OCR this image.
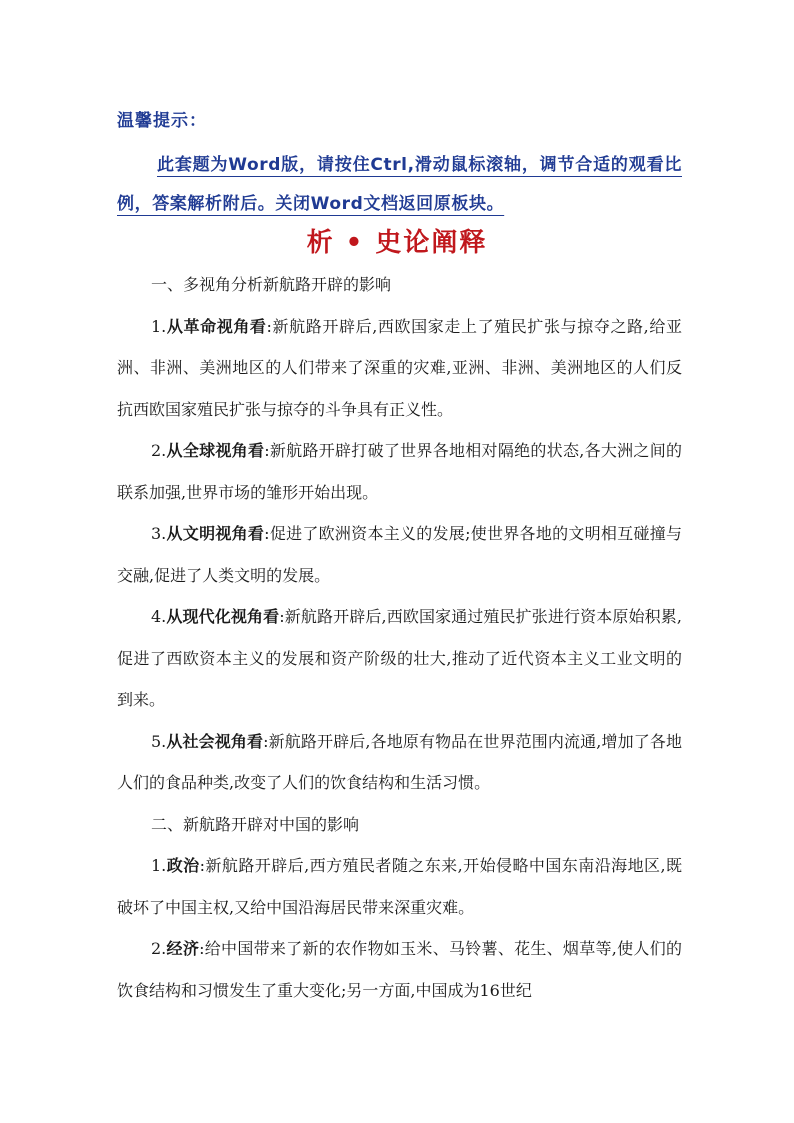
温馨提示：
此套题为Word版，请按住Ctrl,滑动鼠标滚轴，调节合适的观看比例，答案解析附后。关闭Word文档返回原板块。
析 • 史论阐释

一、多视角分析新航路开辟的影响

1.从革命视角看:新航路开辟后,西欧国家走上了殖民扩张与掠夺之路,给亚洲、非洲、美洲地区的人们带来了深重的灾难,亚洲、非洲、美洲地区的人们反抗西欧国家殖民扩张与掠夺的斗争具有正义性。

2.从全球视角看:新航路开辟打破了世界各地相对隔绝的状态,各大洲之间的联系加强,世界市场的雏形开始出现。

3.从文明视角看:促进了欧洲资本主义的发展;使世界各地的文明相互碰撞与交融,促进了人类文明的发展。

4.从现代化视角看:新航路开辟后,西欧国家通过殖民扩张进行资本原始积累,促进了西欧资本主义的发展和资产阶级的壮大,推动了近代资本主义工业文明的到来。

5.从社会视角看:新航路开辟后,各地原有物品在世界范围内流通,增加了各地人们的食品种类,改变了人们的饮食结构和生活习惯。

二、新航路开辟对中国的影响

1.政治:新航路开辟后,西方殖民者随之东来,开始侵略中国东南沿海地区,既破坏了中国主权,又给中国沿海居民带来深重灾难。

2.经济:给中国带来了新的农作物如玉米、马铃薯、花生、烟草等,使人们的饮食结构和习惯发生了重大变化;另一方面,中国成为16世纪
